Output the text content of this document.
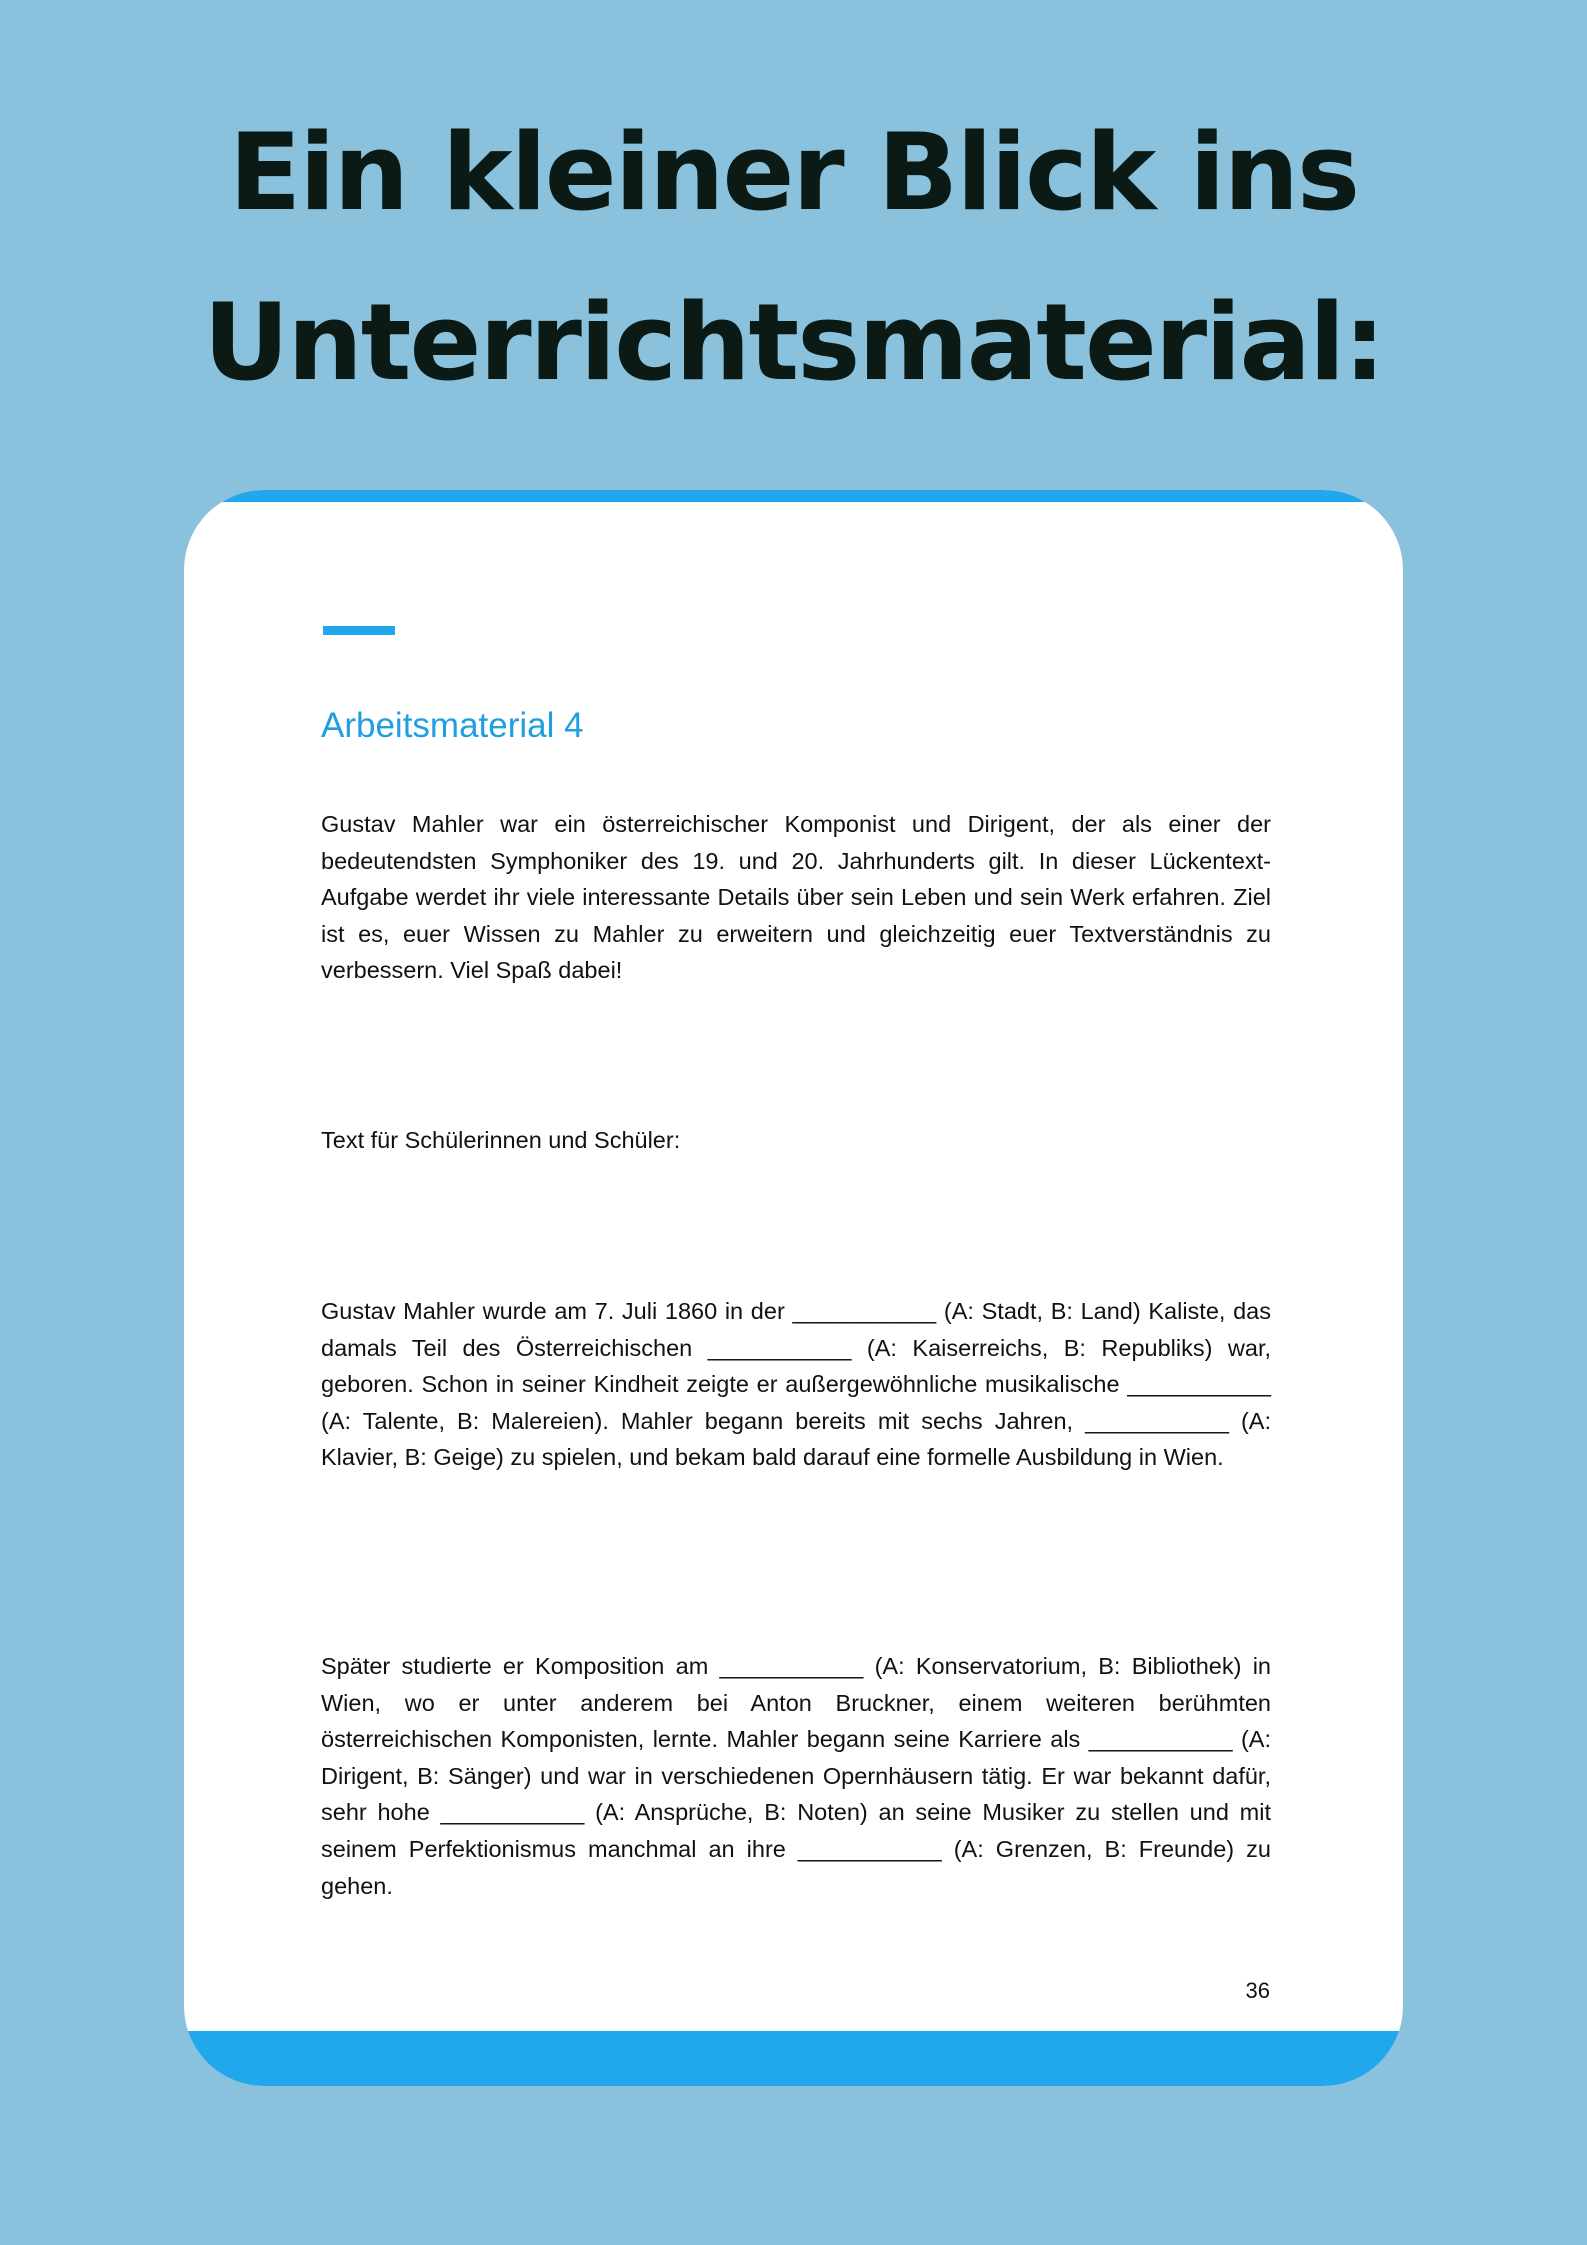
Ein kleiner Blick ins
Unterrichtsmaterial:
Arbeitsmaterial 4

Gustav Mahler war ein österreichischer Komponist und Dirigent, der als einer der bedeutendsten Symphoniker des 19. und 20. Jahrhunderts gilt. In dieser Lückentext-Aufgabe werdet ihr viele interessante Details über sein Leben und sein Werk erfahren. Ziel ist es, euer Wissen zu Mahler zu erweitern und gleichzeitig euer Textverständnis zu verbessern. Viel Spaß dabei!

Text für Schülerinnen und Schüler:

Gustav Mahler wurde am 7. Juli 1860 in der ___________ (A: Stadt, B: Land) Kaliste, das damals Teil des Österreichischen ___________ (A: Kaiserreichs, B: Republiks) war, geboren. Schon in seiner Kindheit zeigte er außergewöhnliche musikalische ___________ (A: Talente, B: Malereien). Mahler begann bereits mit sechs Jahren, ___________ (A: Klavier, B: Geige) zu spielen, und bekam bald darauf eine formelle Ausbildung in Wien.

Später studierte er Komposition am ___________ (A: Konservatorium, B: Bibliothek) in Wien, wo er unter anderem bei Anton Bruckner, einem weiteren berühmten österreichischen Komponisten, lernte. Mahler begann seine Karriere als ___________ (A: Dirigent, B: Sänger) und war in verschiedenen Opernhäusern tätig. Er war bekannt dafür, sehr hohe ___________ (A: Ansprüche, B: Noten) an seine Musiker zu stellen und mit seinem Perfektionismus manchmal an ihre ___________ (A: Grenzen, B: Freunde) zu gehen.

36
